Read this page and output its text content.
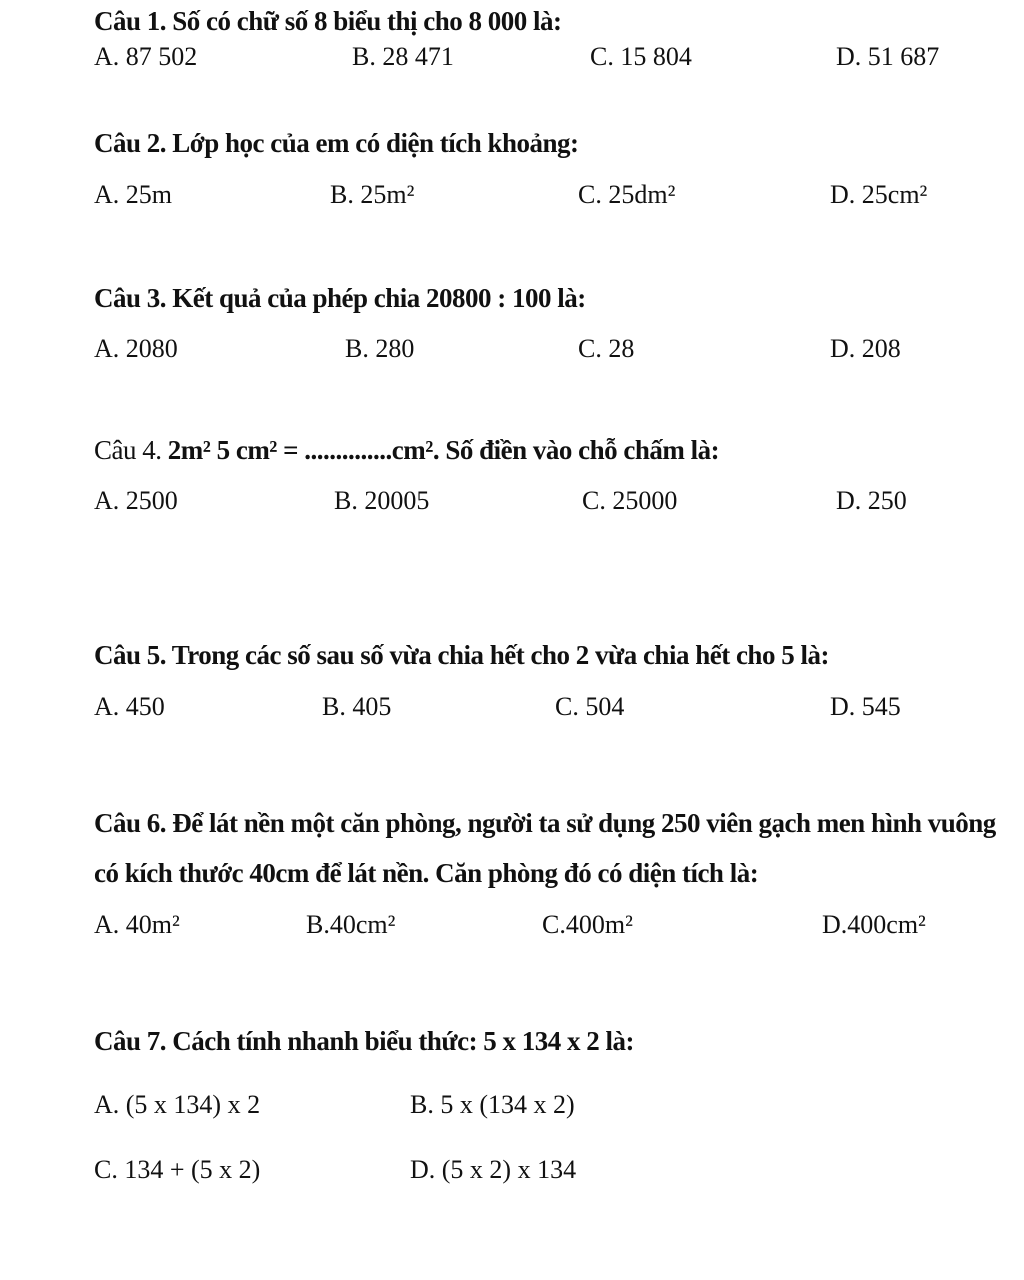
Câu 1. Số có chữ số 8 biểu thị cho 8 000 là:
A. 87 502	B. 28 471	C. 15 804	D. 51 687
Câu 2. Lớp học của em có diện tích khoảng:
A. 25m	B. 25m²	C. 25dm²	D. 25cm²
Câu 3. Kết quả của phép chia 20800 : 100 là:
A. 2080	B. 280	C. 28	D. 208
Câu 4. 2m² 5 cm² = ..............cm². Số điền vào chỗ chấm là:
A. 2500	B. 20005	C. 25000	D. 250
Câu 5. Trong các số sau số vừa chia hết cho 2 vừa chia hết cho 5 là:
A. 450	B. 405	C. 504	D. 545
Câu 6. Để lát nền một căn phòng, người ta sử dụng 250 viên gạch men hình vuông
có kích thước 40cm để lát nền. Căn phòng đó có diện tích là:
A. 40m²	B.40cm²	C.400m²	D.400cm²
Câu 7. Cách tính nhanh biểu thức: 5 x 134 x 2 là:
A. (5 x 134) x 2	B. 5 x (134 x 2)
C. 134 + (5 x 2)	D. (5 x 2) x 134
